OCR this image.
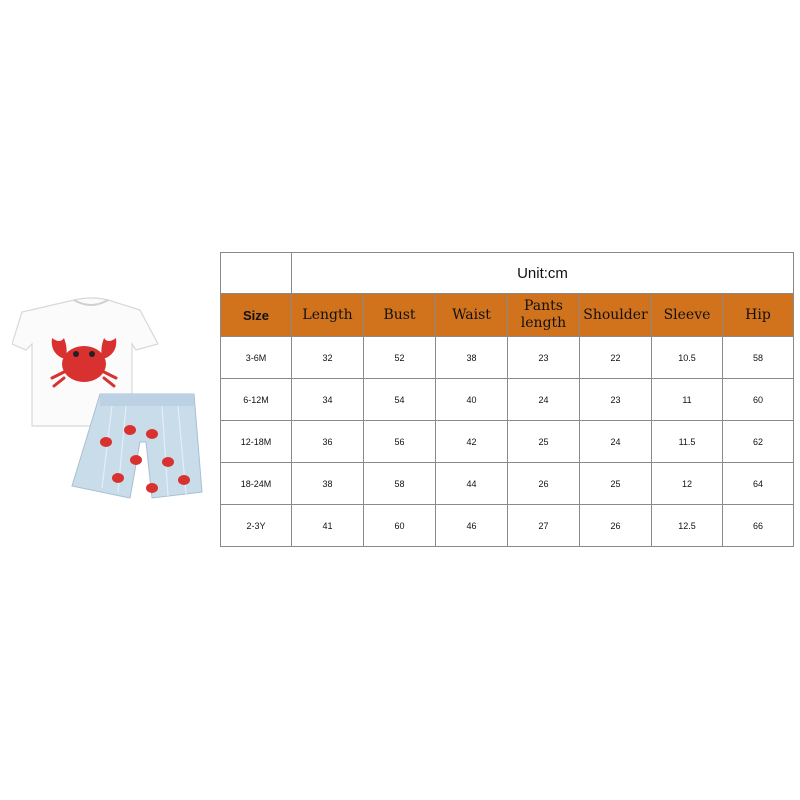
	Unit:cm						
Size	Length	Bust	Waist	Pants length	Shoulder	Sleeve	Hip
3-6M	32	52	38	23	22	10.5	58
6-12M	34	54	40	24	23	11	60
12-18M	36	56	42	25	24	11.5	62
18-24M	38	58	44	26	25	12	64
2-3Y	41	60	46	27	26	12.5	66
